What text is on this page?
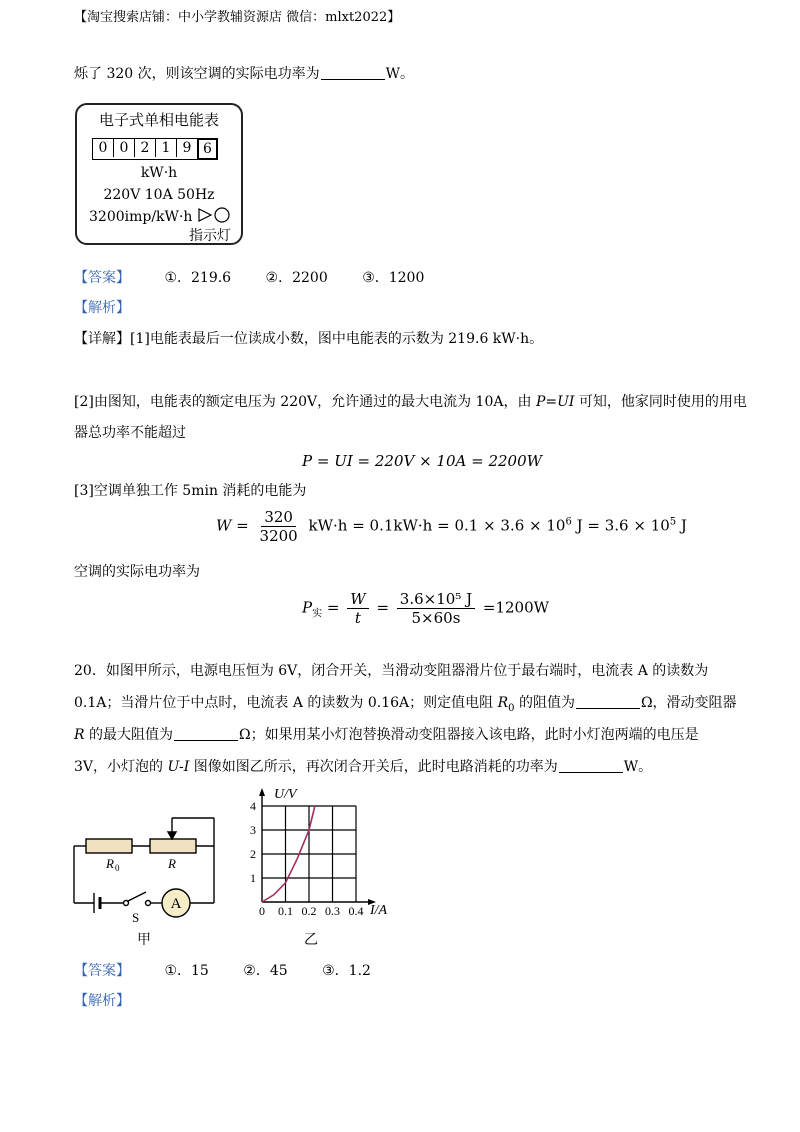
【淘宝搜索店铺：中小学教辅资源店 微信：mlxt2022】
烁了 320 次，则该空调的实际电功率为	W。
电子式单相电能表
0 0 2 1 9 6
kW·h
220V 10A 50Hz
3200imp/kW·h
指示灯
【答案】 ①．219.6 ②．2200 ③．1200
【解析】
【详解】[1]电能表最后一位读成小数，图中电能表的示数为 219.6 kW·h。
[2]由图知，电能表的额定电压为 220V，允许通过的最大电流为 10A，由 P=UI 可知，他家同时使用的用电
器总功率不能超过
P = UI = 220V × 10A = 2200W
[3]空调单独工作 5min 消耗的电能为
$W = \frac{320}{3200} kW\cdot h = 0.1kW\cdot h = 0.1 \times 3.6 \times 10^6$ $J = 3.6 \times 10^5$ J
空调的实际电功率为
$P_实 = \frac{W}{t} = \frac{\text{3.6×10⁵ J}}{5\times 60s} =1200W$
20．如图甲所示，电源电压恒为 6V，闭合开关，当滑动变阻器滑片位于最右端时，电流表 A 的读数为
0.1A；当滑片位于中点时，电流表 A 的读数为 0.16A；则定值电阻 $R_0$ 的阻值为	Ω，滑动变阻器
R 的最大阻值为	Ω；如果用某小灯泡替换滑动变阻器接入该电路，此时小灯泡两端的电压是
3V，小灯泡的 U-I 图像如图乙所示，再次闭合开关后，此时电路消耗的功率为	W。
R 0	R
S
A
甲
0 0.1 0.2 0.3 0.4
1
2
3
4
U/V
I/A
乙
【答案】 ①．15 ②．45 ③．1.2
【解析】
